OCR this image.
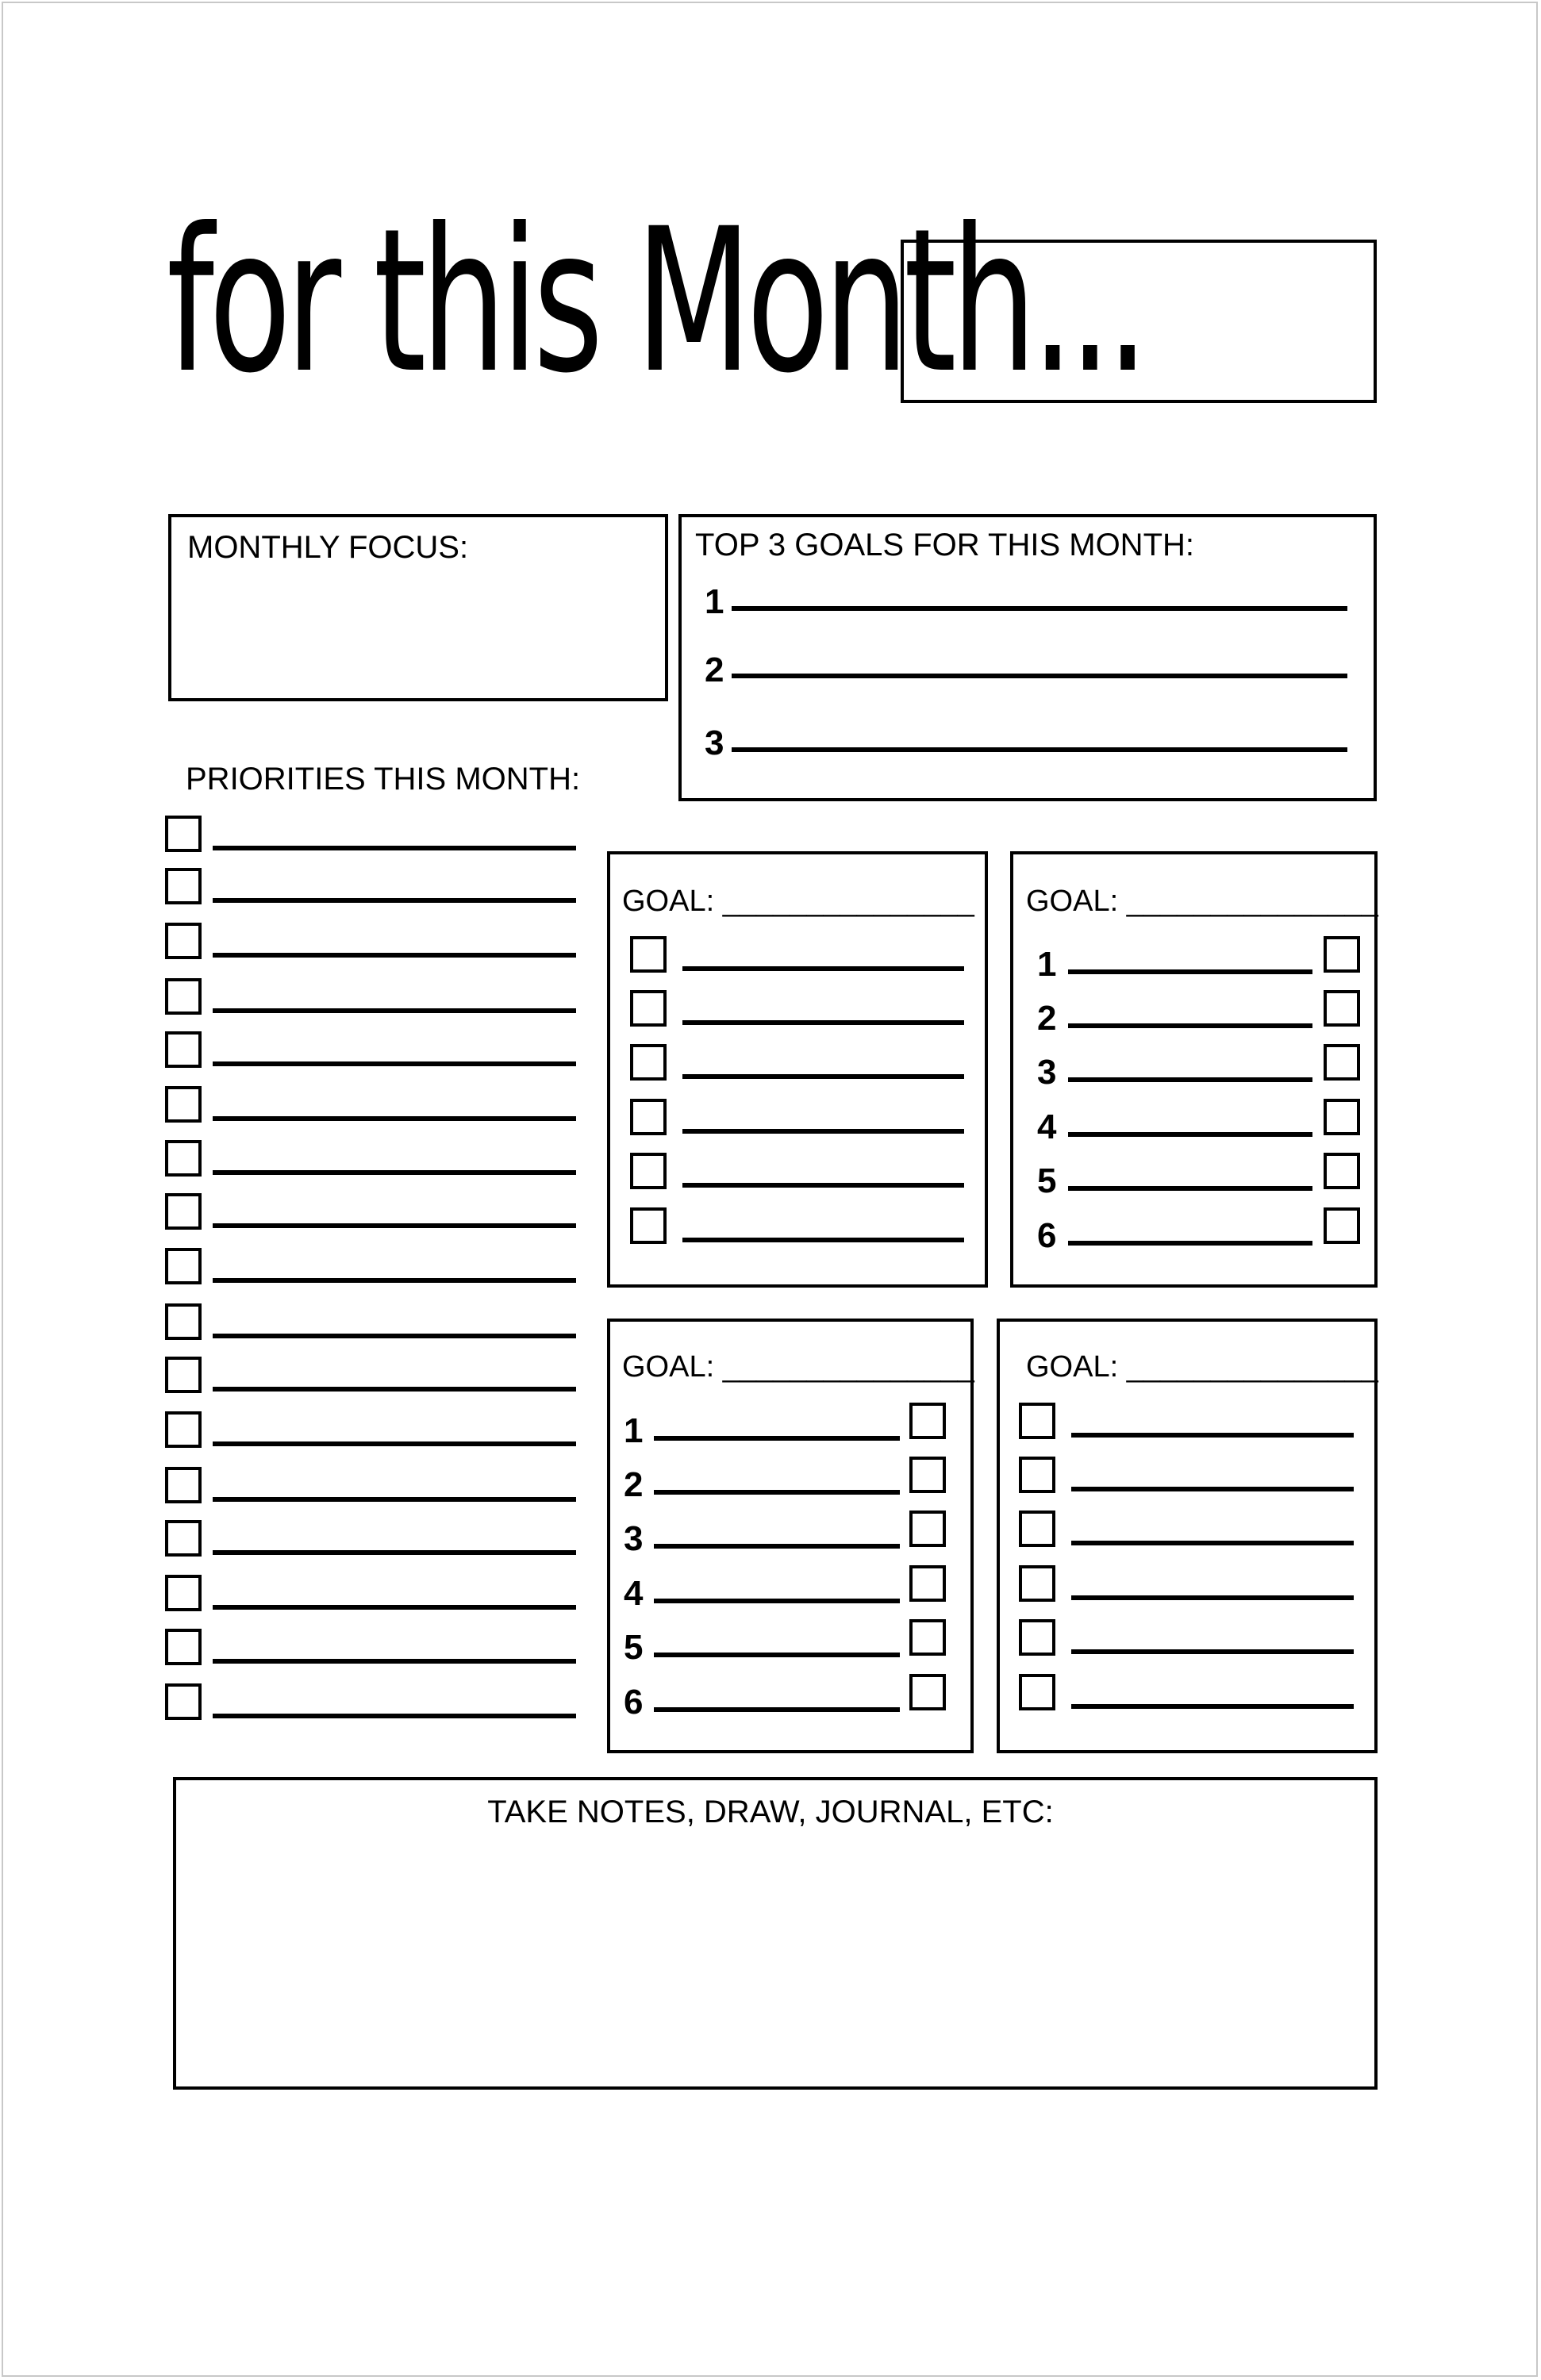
for this Month...
MONTHLY FOCUS:	TOP 3 GOALS FOR THIS MONTH:
1
2
3
PRIORITIES THIS MONTH:
GOAL: _______________ GOAL: _______________
1
2
3
4
5
6
GOAL: _______________
1
2
3
4
5
6
GOAL: _______________
TAKE NOTES, DRAW, JOURNAL, ETC:
